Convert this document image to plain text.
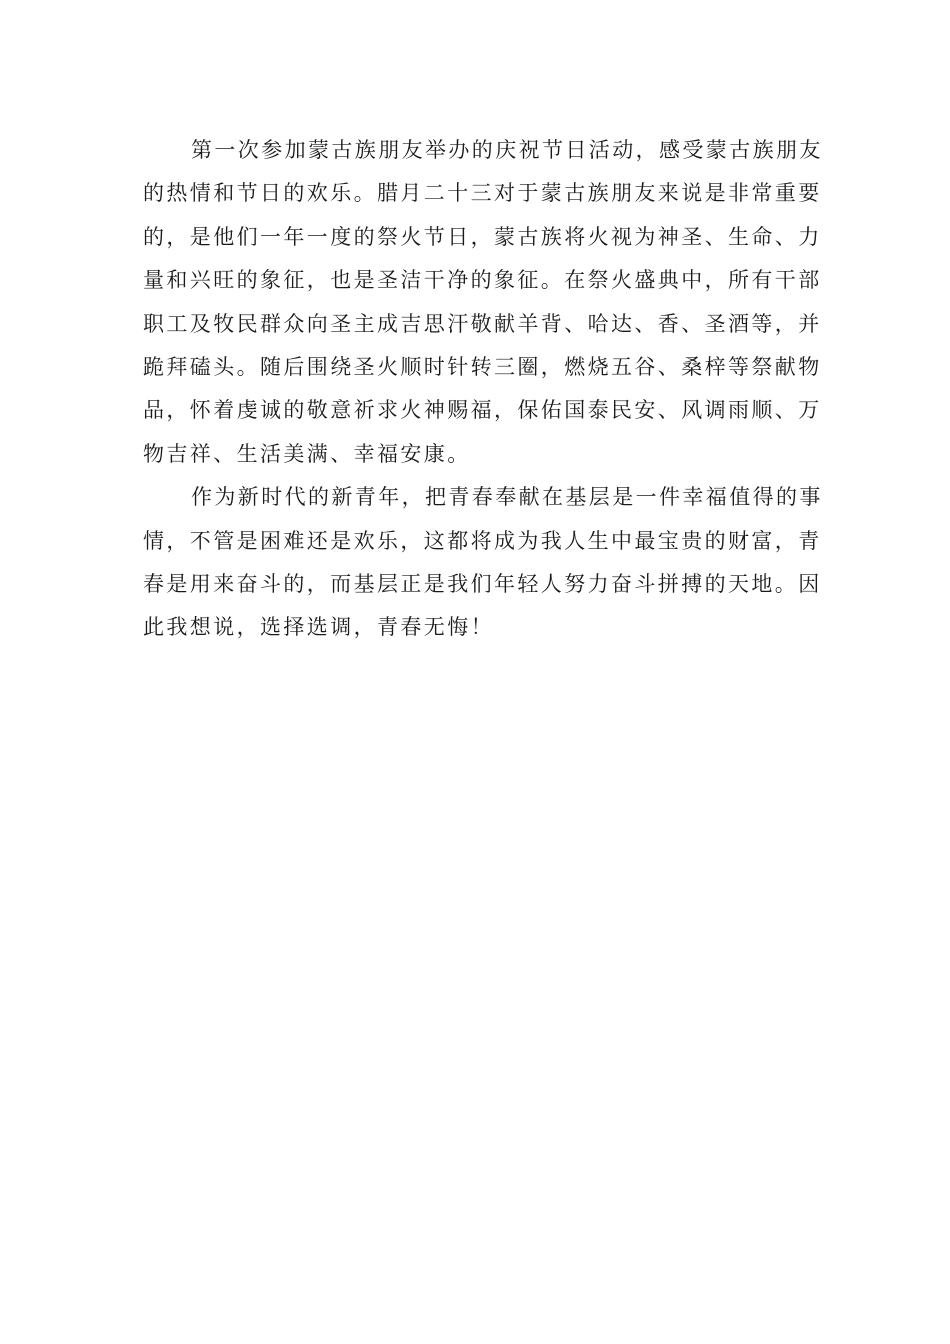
第一次参加蒙古族朋友举办的庆祝节日活动，感受蒙古族朋友
的热情和节日的欢乐。腊月二十三对于蒙古族朋友来说是非常重要
的，是他们一年一度的祭火节日，蒙古族将火视为神圣、生命、力
量和兴旺的象征，也是圣洁干净的象征。在祭火盛典中，所有干部
职工及牧民群众向圣主成吉思汗敬献羊背、哈达、香、圣酒等，并
跪拜磕头。随后围绕圣火顺时针转三圈，燃烧五谷、桑梓等祭献物
品，怀着虔诚的敬意祈求火神赐福，保佑国泰民安、风调雨顺、万
物吉祥、生活美满、幸福安康。
作为新时代的新青年，把青春奉献在基层是一件幸福值得的事
情，不管是困难还是欢乐，这都将成为我人生中最宝贵的财富，青
春是用来奋斗的，而基层正是我们年轻人努力奋斗拼搏的天地。因
此我想说，选择选调，青春无悔！
